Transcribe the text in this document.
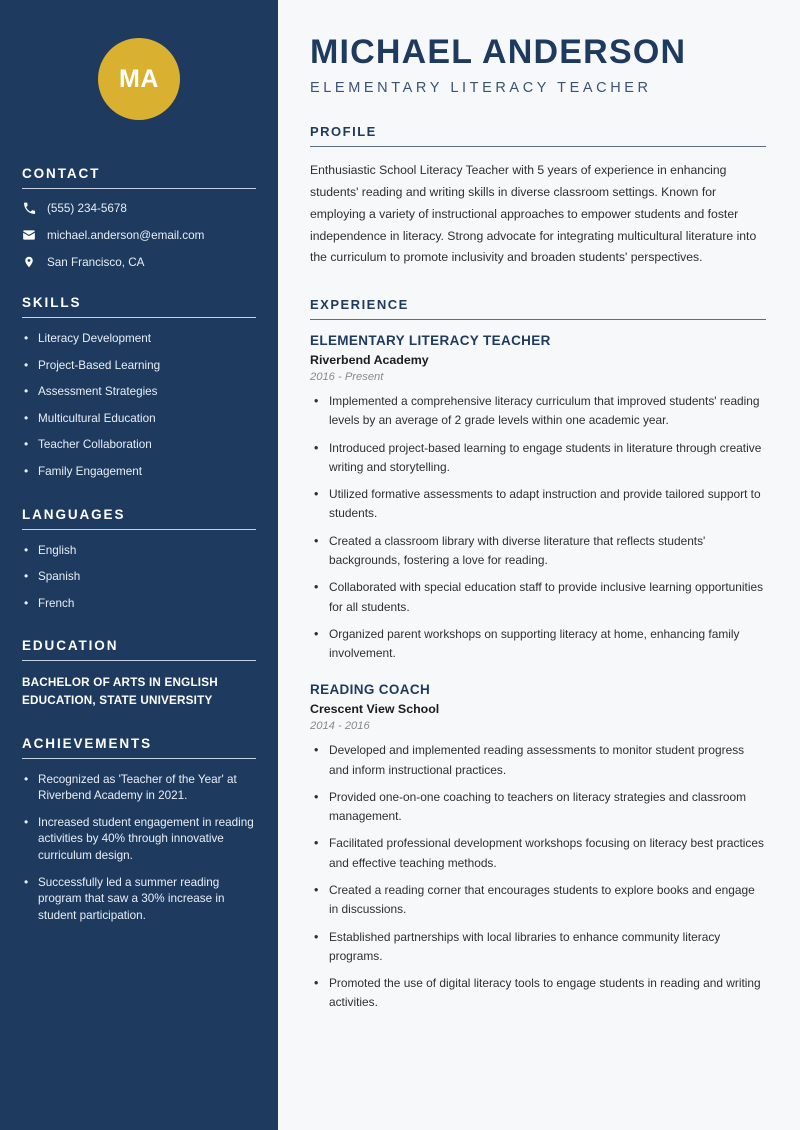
MA
CONTACT
(555) 234-5678
michael.anderson@email.com
San Francisco, CA
SKILLS
• Literacy Development
• Project-Based Learning
• Assessment Strategies
• Multicultural Education
• Teacher Collaboration
• Family Engagement
LANGUAGES
• English
• Spanish
• French
EDUCATION
BACHELOR OF ARTS IN ENGLISH EDUCATION, STATE UNIVERSITY
ACHIEVEMENTS
• Recognized as 'Teacher of the Year' at Riverbend Academy in 2021.
• Increased student engagement in reading activities by 40% through innovative curriculum design.
• Successfully led a summer reading program that saw a 30% increase in student participation.
MICHAEL ANDERSON
ELEMENTARY LITERACY TEACHER
PROFILE

Enthusiastic School Literacy Teacher with 5 years of experience in enhancing students' reading and writing skills in diverse classroom settings. Known for employing a variety of instructional approaches to empower students and foster independence in literacy. Strong advocate for integrating multicultural literature into the curriculum to promote inclusivity and broaden students' perspectives.

EXPERIENCE
ELEMENTARY LITERACY TEACHER
Riverbend Academy
2016 - Present
• Implemented a comprehensive literacy curriculum that improved students' reading levels by an average of 2 grade levels within one academic year.
• Introduced project-based learning to engage students in literature through creative writing and storytelling.
• Utilized formative assessments to adapt instruction and provide tailored support to students.
• Created a classroom library with diverse literature that reflects students' backgrounds, fostering a love for reading.
• Collaborated with special education staff to provide inclusive learning opportunities for all students.
• Organized parent workshops on supporting literacy at home, enhancing family involvement.
READING COACH
Crescent View School
2014 - 2016
• Developed and implemented reading assessments to monitor student progress and inform instructional practices.
• Provided one-on-one coaching to teachers on literacy strategies and classroom management.
• Facilitated professional development workshops focusing on literacy best practices and effective teaching methods.
• Created a reading corner that encourages students to explore books and engage in discussions.
• Established partnerships with local libraries to enhance community literacy programs.
• Promoted the use of digital literacy tools to engage students in reading and writing activities.
